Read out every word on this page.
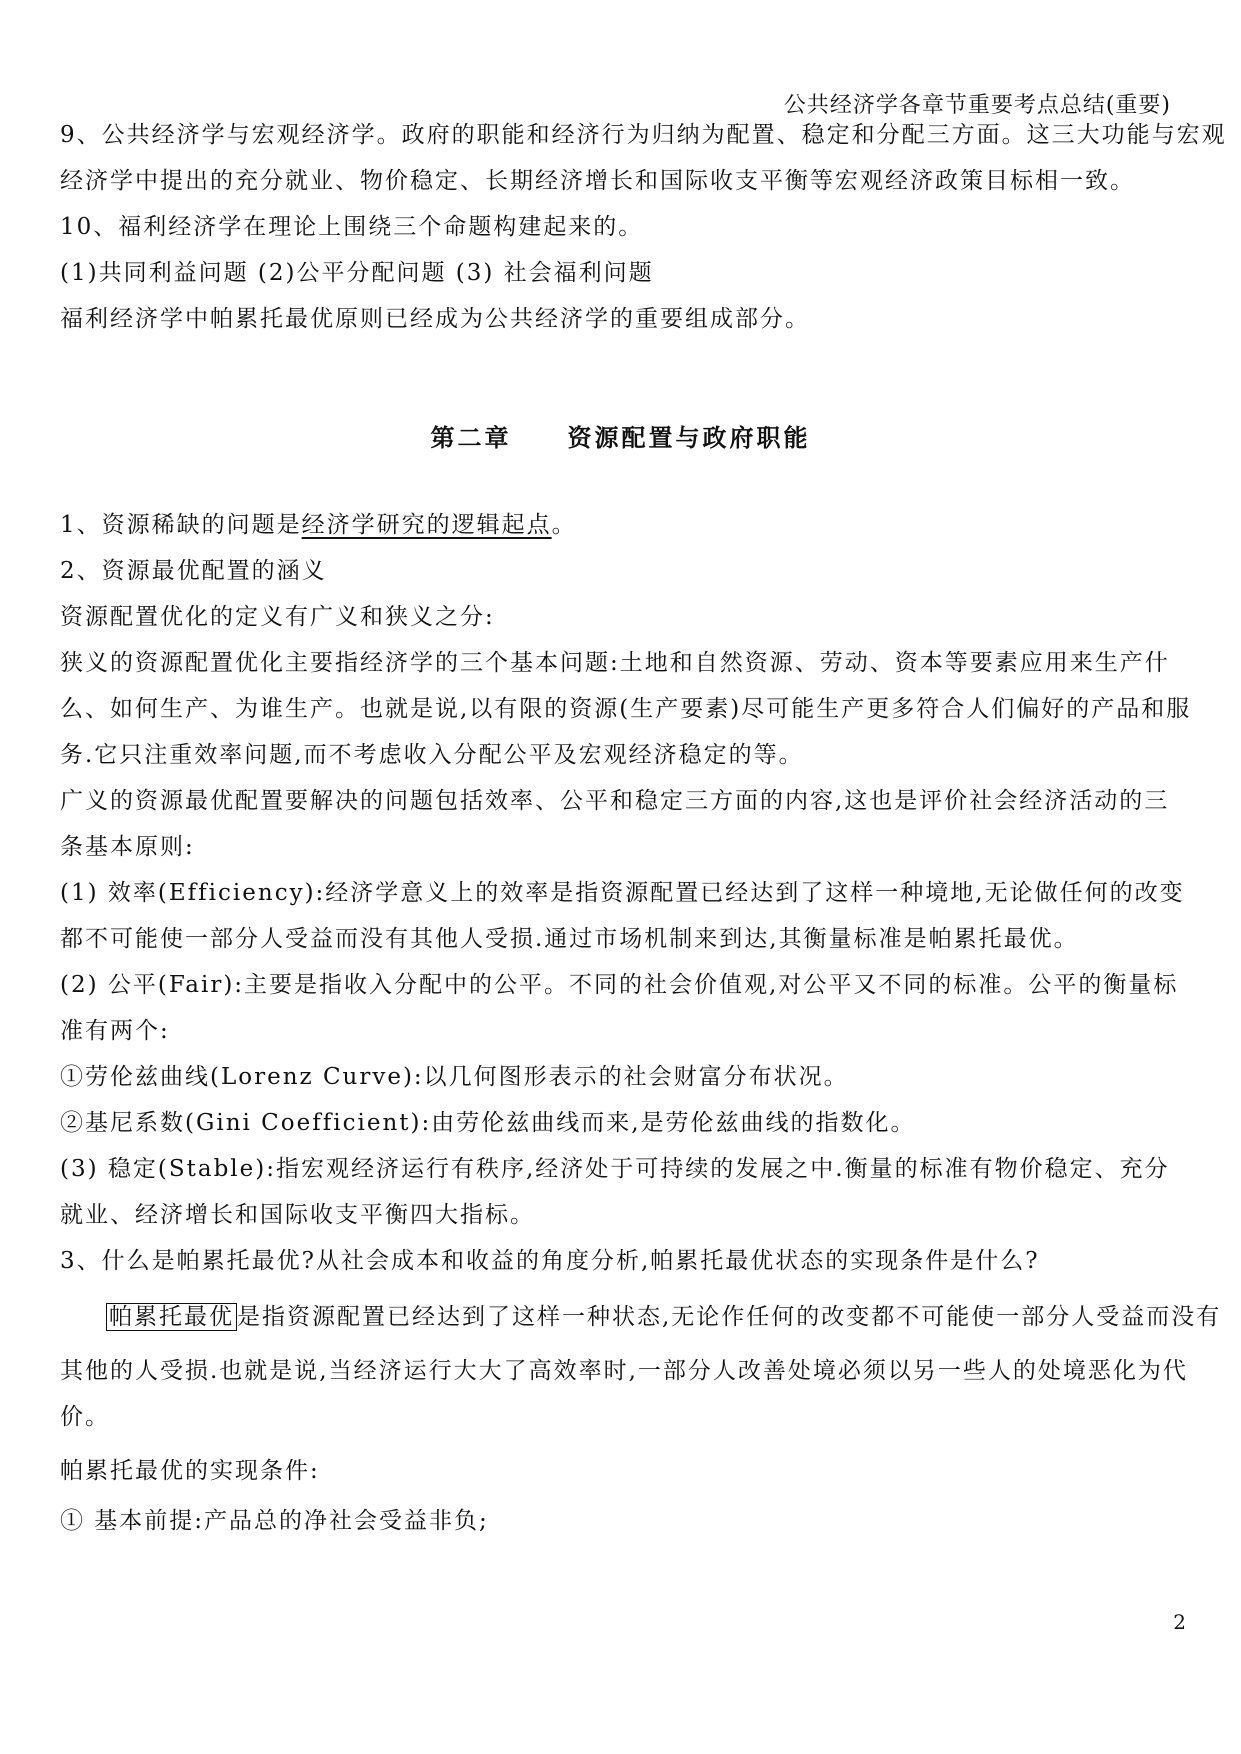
公共经济学各章节重要考点总结(重要)
9、公共经济学与宏观经济学。政府的职能和经济行为归纳为配置、稳定和分配三方面。这三大功能与宏观
经济学中提出的充分就业、物价稳定、长期经济增长和国际收支平衡等宏观经济政策目标相一致。
10、福利经济学在理论上围绕三个命题构建起来的。
(1)共同利益问题 (2)公平分配问题 (3) 社会福利问题
福利经济学中帕累托最优原则已经成为公共经济学的重要组成部分。
第二章 资源配置与政府职能
1、资源稀缺的问题是经济学研究的逻辑起点。
2、资源最优配置的涵义
资源配置优化的定义有广义和狭义之分:
狭义的资源配置优化主要指经济学的三个基本问题:土地和自然资源、劳动、资本等要素应用来生产什
么、如何生产、为谁生产。也就是说,以有限的资源(生产要素)尽可能生产更多符合人们偏好的产品和服
务.它只注重效率问题,而不考虑收入分配公平及宏观经济稳定的等。
广义的资源最优配置要解决的问题包括效率、公平和稳定三方面的内容,这也是评价社会经济活动的三
条基本原则:
(1) 效率(Efficiency):经济学意义上的效率是指资源配置已经达到了这样一种境地,无论做任何的改变
都不可能使一部分人受益而没有其他人受损.通过市场机制来到达,其衡量标准是帕累托最优。
(2) 公平(Fair):主要是指收入分配中的公平。不同的社会价值观,对公平又不同的标准。公平的衡量标
准有两个:
①劳伦兹曲线(Lorenz Curve):以几何图形表示的社会财富分布状况。
②基尼系数(Gini Coefficient):由劳伦兹曲线而来,是劳伦兹曲线的指数化。
(3) 稳定(Stable):指宏观经济运行有秩序,经济处于可持续的发展之中.衡量的标准有物价稳定、充分
就业、经济增长和国际收支平衡四大指标。
3、什么是帕累托最优?从社会成本和收益的角度分析,帕累托最优状态的实现条件是什么?
帕累托最优 是指资源配置已经达到了这样一种状态,无论作任何的改变都不可能使一部分人受益而没有
其他的人受损.也就是说,当经济运行大大了高效率时,一部分人改善处境必须以另一些人的处境恶化为代
价。
帕累托最优的实现条件:
① 基本前提:产品总的净社会受益非负;
2
